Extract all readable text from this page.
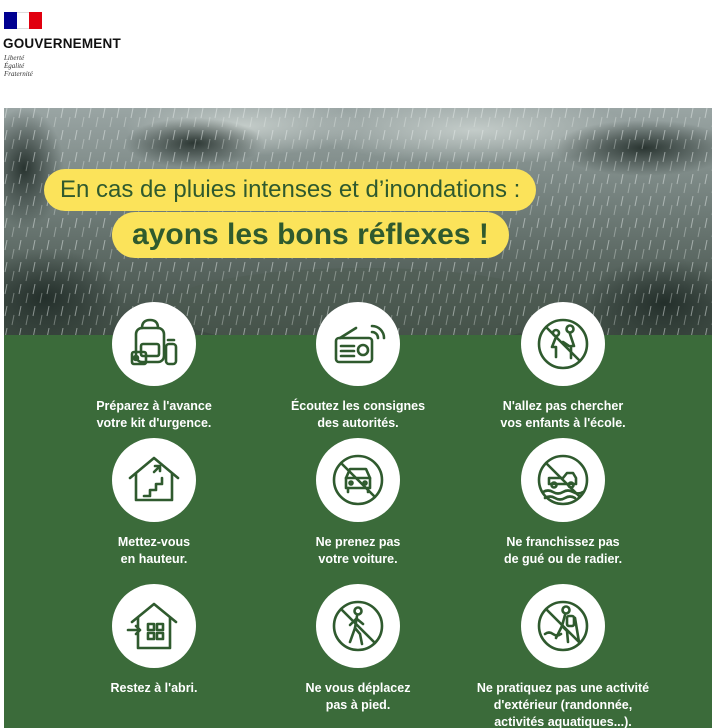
GOUVERNEMENT
Liberté
Égalité
Fraternité
En cas de pluies intenses et d’inondations :
ayons les bons réflexes !
Préparez à l'avance
votre kit d'urgence.
Écoutez les consignes
des autorités.
N'allez pas chercher
vos enfants à l'école.
Mettez-vous
en hauteur.
Ne prenez pas
votre voiture.
Ne franchissez pas
de gué ou de radier.
Restez à l'abri.	Ne vous déplacez
pas à pied.
Ne pratiquez pas une activité
d'extérieur (randonnée,
activités aquatiques...).
